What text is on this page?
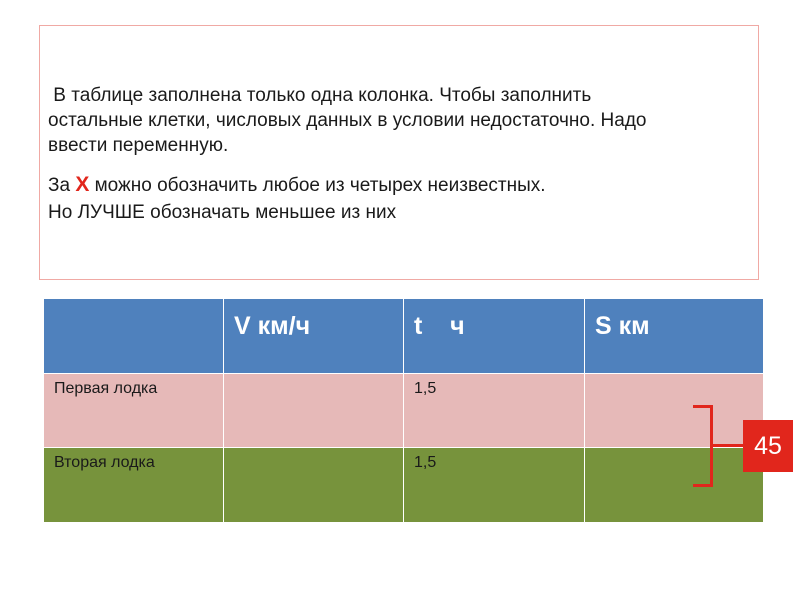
В таблице заполнена только одна колонка. Чтобы заполнить
остальные клетки, числовых данных в условии недостаточно. Надо
ввести переменную.
За Х можно обозначить любое из четырех неизвестных.
Но ЛУЧШЕ обозначать меньшее из них
	V км/ч	t    ч	S км
Первая лодка		1,5	
Вторая лодка		1,5	
45
